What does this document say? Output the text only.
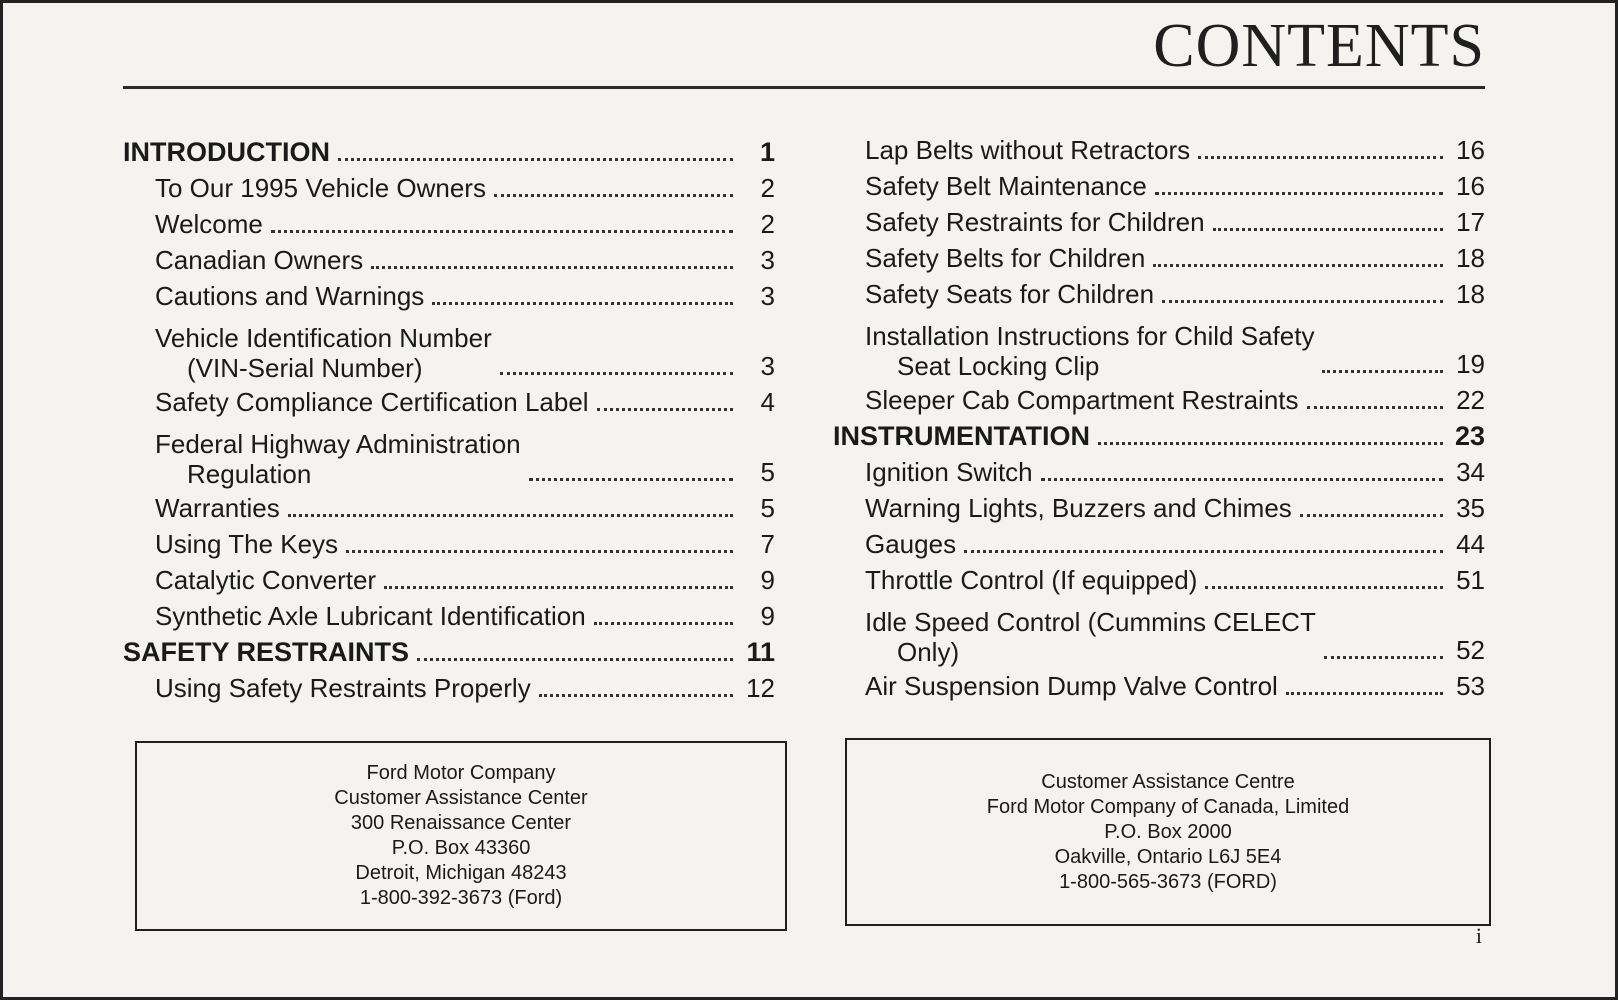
CONTENTS
INTRODUCTION	1
To Our 1995 Vehicle Owners	2
Welcome	2
Canadian Owners	3
Cautions and Warnings	3
Vehicle Identification Number
(VIN-Serial Number)	3
Safety Compliance Certification Label	4
Federal Highway Administration
Regulation	5
Warranties	5
Using The Keys	7
Catalytic Converter	9
Synthetic Axle Lubricant Identification	9
SAFETY RESTRAINTS	11
Using Safety Restraints Properly	12
Lap Belts without Retractors	16
Safety Belt Maintenance	16
Safety Restraints for Children	17
Safety Belts for Children	18
Safety Seats for Children	18
Installation Instructions for Child Safety
Seat Locking Clip	19
Sleeper Cab Compartment Restraints	22
INSTRUMENTATION	23
Ignition Switch	34
Warning Lights, Buzzers and Chimes	35
Gauges	44
Throttle Control (If equipped)	51
Idle Speed Control (Cummins CELECT
Only)	52
Air Suspension Dump Valve Control	53
Ford Motor Company
Customer Assistance Center
300 Renaissance Center
P.O. Box 43360
Detroit, Michigan 48243
1-800-392-3673 (Ford)
Customer Assistance Centre
Ford Motor Company of Canada, Limited
P.O. Box 2000
Oakville, Ontario L6J 5E4
1-800-565-3673 (FORD)
i
